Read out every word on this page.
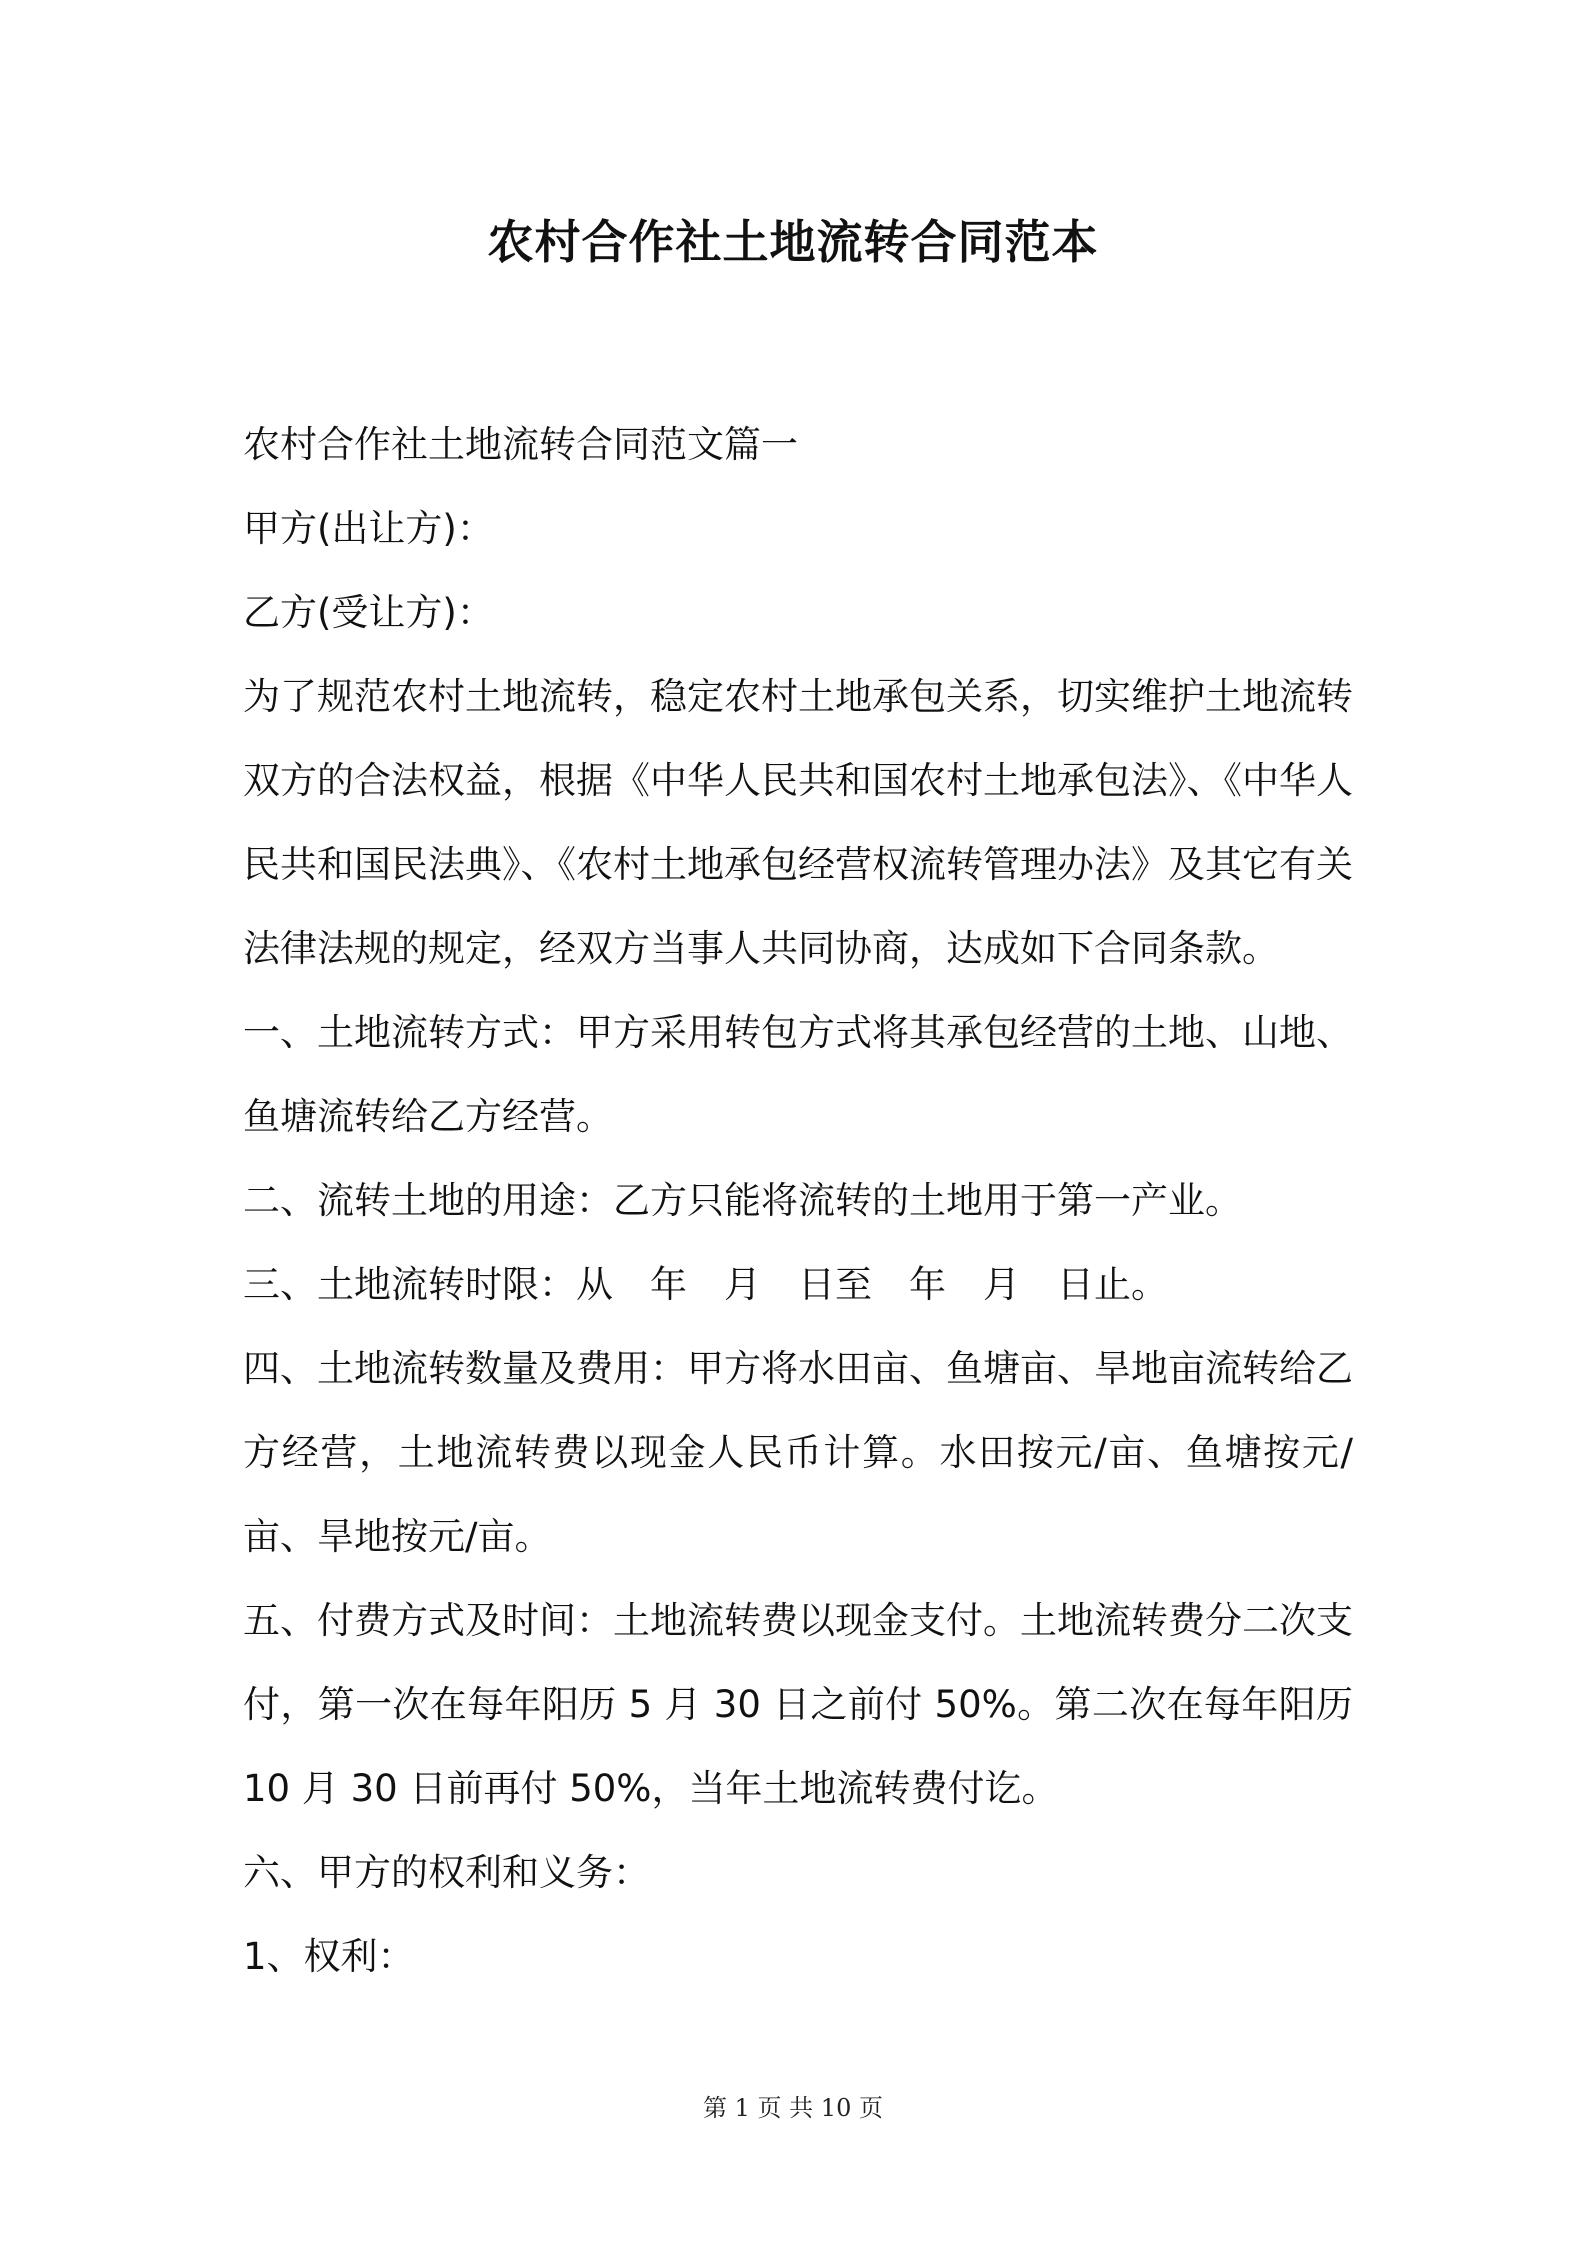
农村合作社土地流转合同范本

农村合作社土地流转合同范文篇一

甲方(出让方)：

乙方(受让方)：

为了规范农村土地流转，稳定农村土地承包关系，切实维护土地流转双方的合法权益，根据《中华人民共和国农村土地承包法》、《中华人民共和国民法典》、《农村土地承包经营权流转管理办法》及其它有关法律法规的规定，经双方当事人共同协商，达成如下合同条款。

一、土地流转方式：甲方采用转包方式将其承包经营的土地、山地、鱼塘流转给乙方经营。

二、流转土地的用途：乙方只能将流转的土地用于第一产业。

三、土地流转时限：从　年　月　日至　年　月　日止。

四、土地流转数量及费用：甲方将水田亩、鱼塘亩、旱地亩流转给乙方经营，土地流转费以现金人民币计算。水田按元/亩、鱼塘按元/亩、旱地按元/亩。

五、付费方式及时间：土地流转费以现金支付。土地流转费分二次支付，第一次在每年阳历 5 月 30 日之前付 50%。第二次在每年阳历 10 月 30 日前再付 50%，当年土地流转费付讫。

六、甲方的权利和义务：

1、权利：

第 1 页 共 10 页
